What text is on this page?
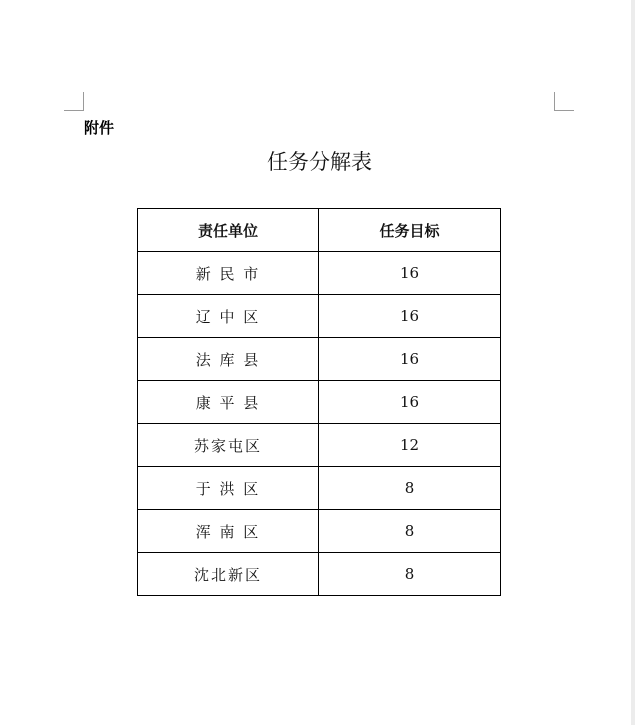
附件
任务分解表
责任单位	任务目标
新 民 市	16
辽 中 区	16
法 库 县	16
康 平 县	16
苏家屯区	12
于 洪 区	8
浑 南 区	8
沈北新区	8
